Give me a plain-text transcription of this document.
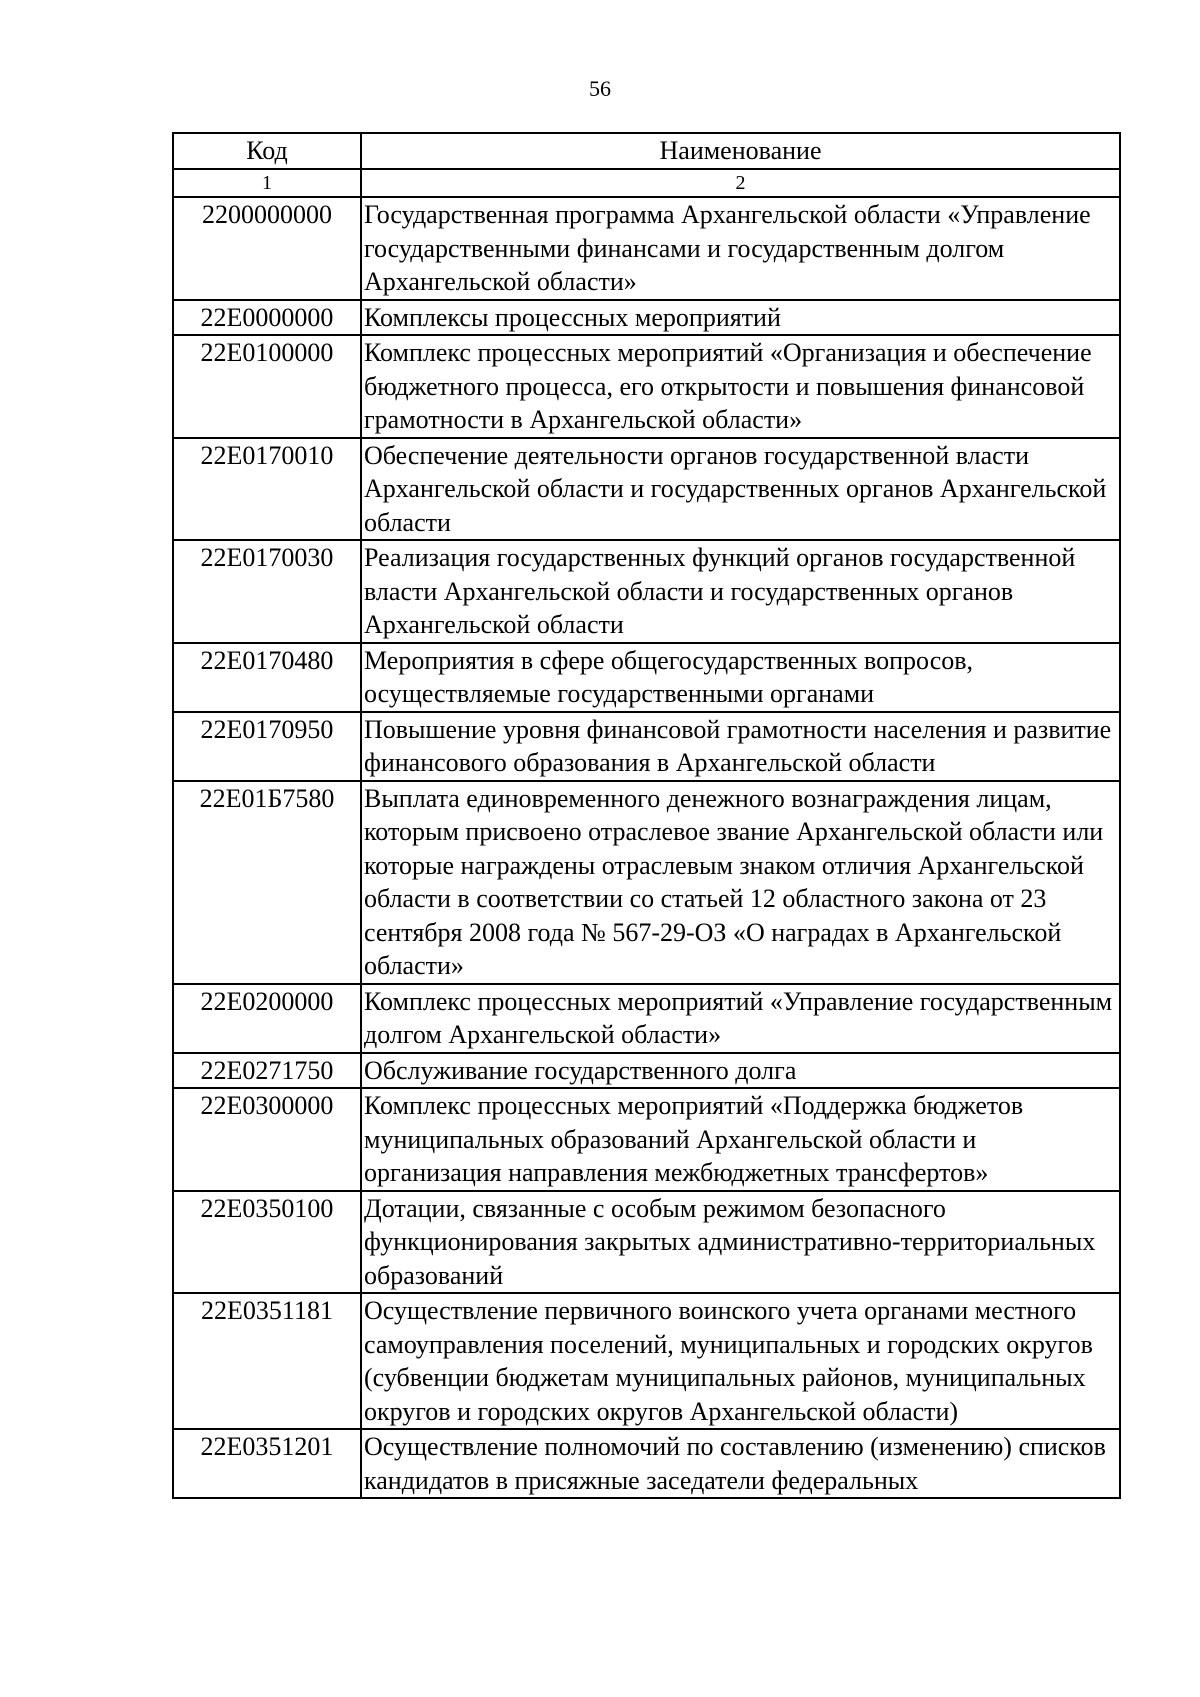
56
Код	Наименование
1	2
2200000000	Государственная программа Архангельской области «Управление государственными финансами и государственным долгом Архангельской области»
22Е0000000	Комплексы процессных мероприятий
22Е0100000	Комплекс процессных мероприятий «Организация и обеспечение бюджетного процесса, его открытости и повышения финансовой грамотности в Архангельской области»
22Е0170010	Обеспечение деятельности органов государственной власти Архангельской области и государственных органов Архангельской области
22Е0170030	Реализация государственных функций органов государственной власти Архангельской области и государственных органов Архангельской области
22Е0170480	Мероприятия в сфере общегосударственных вопросов, осуществляемые государственными органами
22Е0170950	Повышение уровня финансовой грамотности населения и развитие финансового образования в Архангельской области
22Е01Б7580	Выплата единовременного денежного вознаграждения лицам, которым присвоено отраслевое звание Архангельской области или которые награждены отраслевым знаком отличия Архангельской области в соответствии со статьей 12 областного закона от 23 сентября 2008 года № 567-29-ОЗ «О наградах в Архангельской области»
22Е0200000	Комплекс процессных мероприятий «Управление государственным долгом Архангельской области»
22Е0271750	Обслуживание государственного долга
22Е0300000	Комплекс процессных мероприятий «Поддержка бюджетов муниципальных образований Архангельской области и организация направления межбюджетных трансфертов»
22Е0350100	Дотации, связанные с особым режимом безопасного функционирования закрытых административно-территориальных образований
22Е0351181	Осуществление первичного воинского учета органами местного самоуправления поселений, муниципальных и городских округов (субвенции бюджетам муниципальных районов, муниципальных округов и городских округов Архангельской области)
22Е0351201	Осуществление полномочий по составлению (изменению) списков кандидатов в присяжные заседатели федеральных
